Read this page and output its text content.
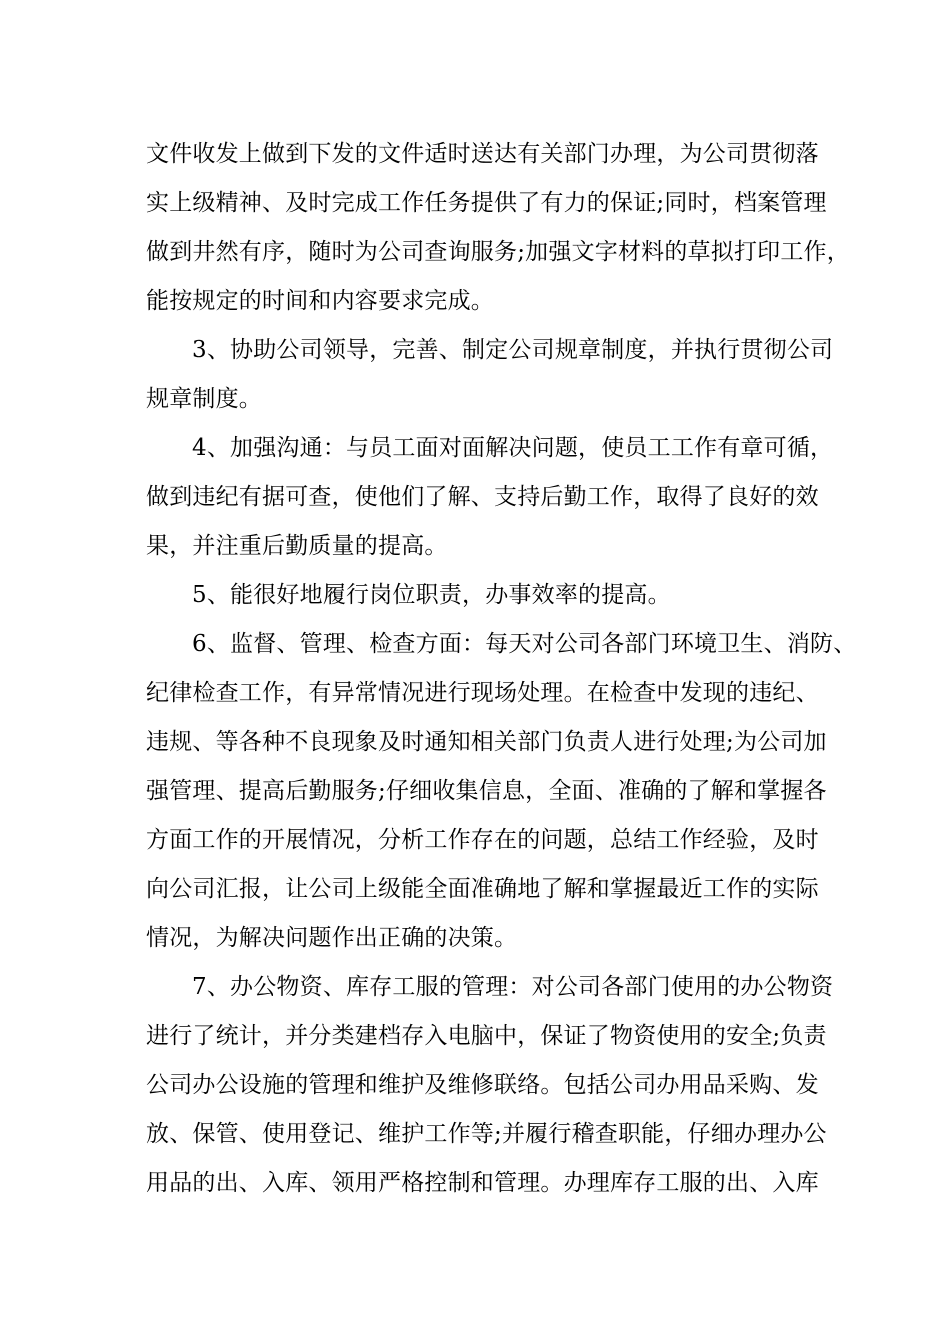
文件收发上做到下发的文件适时送达有关部门办理，为公司贯彻落
实上级精神、及时完成工作任务提供了有力的保证;同时，档案管理
做到井然有序，随时为公司查询服务;加强文字材料的草拟打印工作，
能按规定的时间和内容要求完成。
3、协助公司领导，完善、制定公司规章制度，并执行贯彻公司
规章制度。
4、加强沟通：与员工面对面解决问题，使员工工作有章可循，
做到违纪有据可查，使他们了解、支持后勤工作，取得了良好的效
果，并注重后勤质量的提高。
5、能很好地履行岗位职责，办事效率的提高。
6、监督、管理、检查方面：每天对公司各部门环境卫生、消防、
纪律检查工作，有异常情况进行现场处理。在检查中发现的违纪、
违规、等各种不良现象及时通知相关部门负责人进行处理;为公司加
强管理、提高后勤服务;仔细收集信息，全面、准确的了解和掌握各
方面工作的开展情况，分析工作存在的问题，总结工作经验，及时
向公司汇报，让公司上级能全面准确地了解和掌握最近工作的实际
情况，为解决问题作出正确的决策。
7、办公物资、库存工服的管理：对公司各部门使用的办公物资
进行了统计，并分类建档存入电脑中，保证了物资使用的安全;负责
公司办公设施的管理和维护及维修联络。包括公司办用品采购、发
放、保管、使用登记、维护工作等;并履行稽查职能，仔细办理办公
用品的出、入库、领用严格控制和管理。办理库存工服的出、入库
